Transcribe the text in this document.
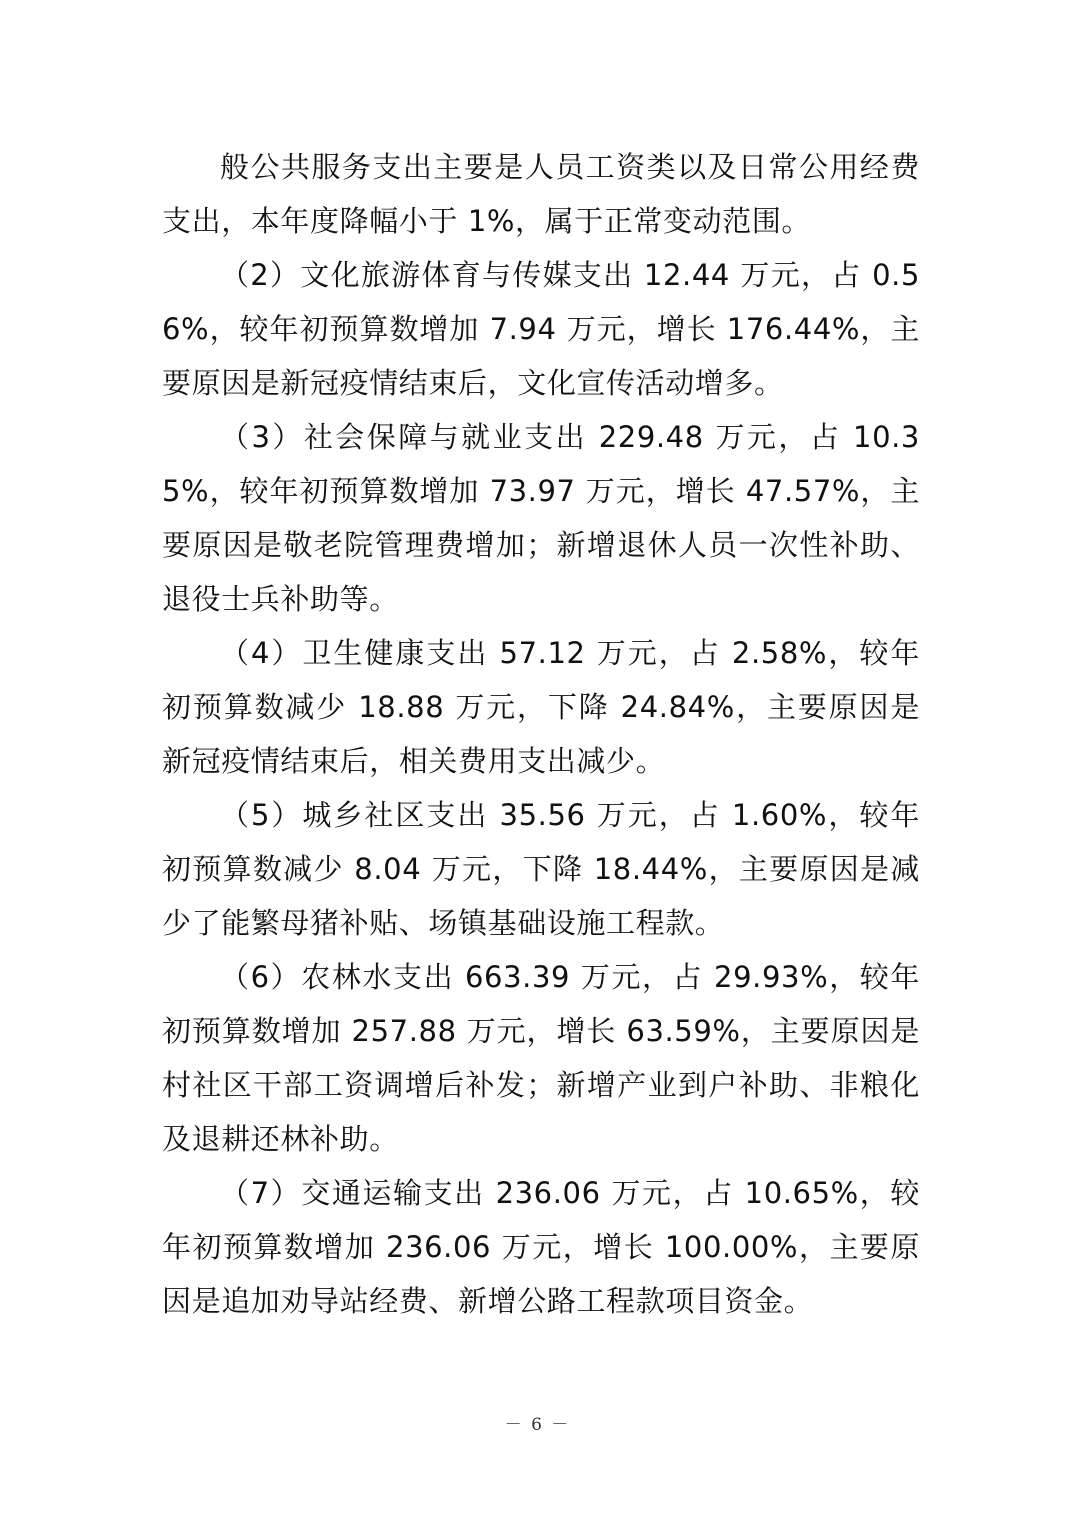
般公共服务支出主要是人员工资类以及日常公用经费支出，本年度降幅小于 1%，属于正常变动范围。

（2）文化旅游体育与传媒支出 12.44 万元，占 0.56%，较年初预算数增加 7.94 万元，增长 176.44%，主要原因是新冠疫情结束后，文化宣传活动增多。

（3）社会保障与就业支出 229.48 万元，占 10.35%，较年初预算数增加 73.97 万元，增长 47.57%，主要原因是敬老院管理费增加；新增退休人员一次性补助、退役士兵补助等。

（4）卫生健康支出 57.12 万元，占 2.58%，较年初预算数减少 18.88 万元，下降 24.84%，主要原因是新冠疫情结束后，相关费用支出减少。

（5）城乡社区支出 35.56 万元，占 1.60%，较年初预算数减少 8.04 万元，下降 18.44%，主要原因是减少了能繁母猪补贴、场镇基础设施工程款。

（6）农林水支出 663.39 万元，占 29.93%，较年初预算数增加 257.88 万元，增长 63.59%，主要原因是村社区干部工资调增后补发；新增产业到户补助、非粮化及退耕还林补助。

（7）交通运输支出 236.06 万元，占 10.65%，较年初预算数增加 236.06 万元，增长 100.00%，主要原因是追加劝导站经费、新增公路工程款项目资金。

－ 6 －
